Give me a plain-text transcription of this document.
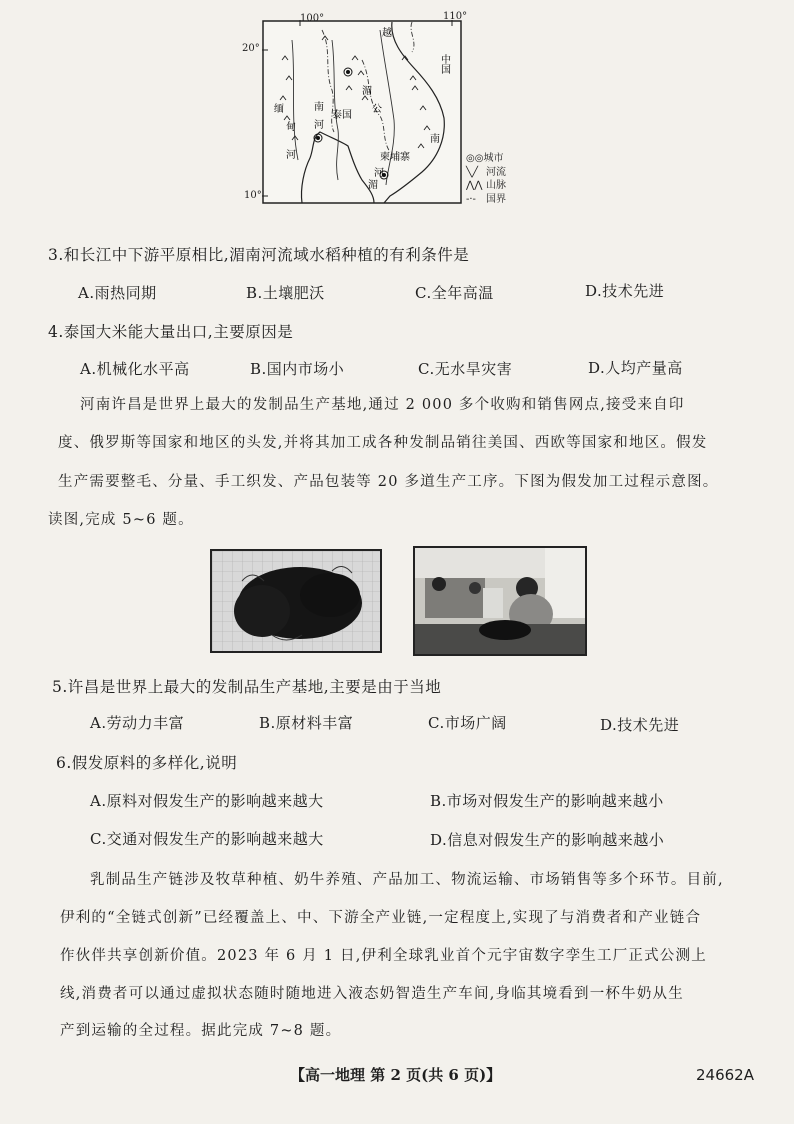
越
中国
缅
甸
河
南
河
湄
泰国
公
柬埔寨
南
湄
河
100°	110°
20°
10°
◎◎城市
╲╱ 河流
⋀⋀ 山脉
-·- 国界
3.和长江中下游平原相比,湄南河流域水稻种植的有利条件是
A.雨热同期	B.土壤肥沃	C.全年高温	D.技术先进
4.泰国大米能大量出口,主要原因是
A.机械化水平高	B.国内市场小	C.无水旱灾害	D.人均产量高
河南许昌是世界上最大的发制品生产基地,通过 2 000 多个收购和销售网点,接受来自印
度、俄罗斯等国家和地区的头发,并将其加工成各种发制品销往美国、西欧等国家和地区。假发
生产需要整毛、分量、手工织发、产品包装等 20 多道生产工序。下图为假发加工过程示意图。
读图,完成 5~6 题。
5.许昌是世界上最大的发制品生产基地,主要是由于当地
A.劳动力丰富	B.原材料丰富	C.市场广阔	D.技术先进
6.假发原料的多样化,说明
A.原料对假发生产的影响越来越大	B.市场对假发生产的影响越来越小
C.交通对假发生产的影响越来越大	D.信息对假发生产的影响越来越小
乳制品生产链涉及牧草种植、奶牛养殖、产品加工、物流运输、市场销售等多个环节。目前,
伊利的“全链式创新”已经覆盖上、中、下游全产业链,一定程度上,实现了与消费者和产业链合
作伙伴共享创新价值。2023 年 6 月 1 日,伊利全球乳业首个元宇宙数字孪生工厂正式公测上
线,消费者可以通过虚拟状态随时随地进入液态奶智造生产车间,身临其境看到一杯牛奶从生
产到运输的全过程。据此完成 7~8 题。
【高一地理 第 2 页(共 6 页)】	24662A
